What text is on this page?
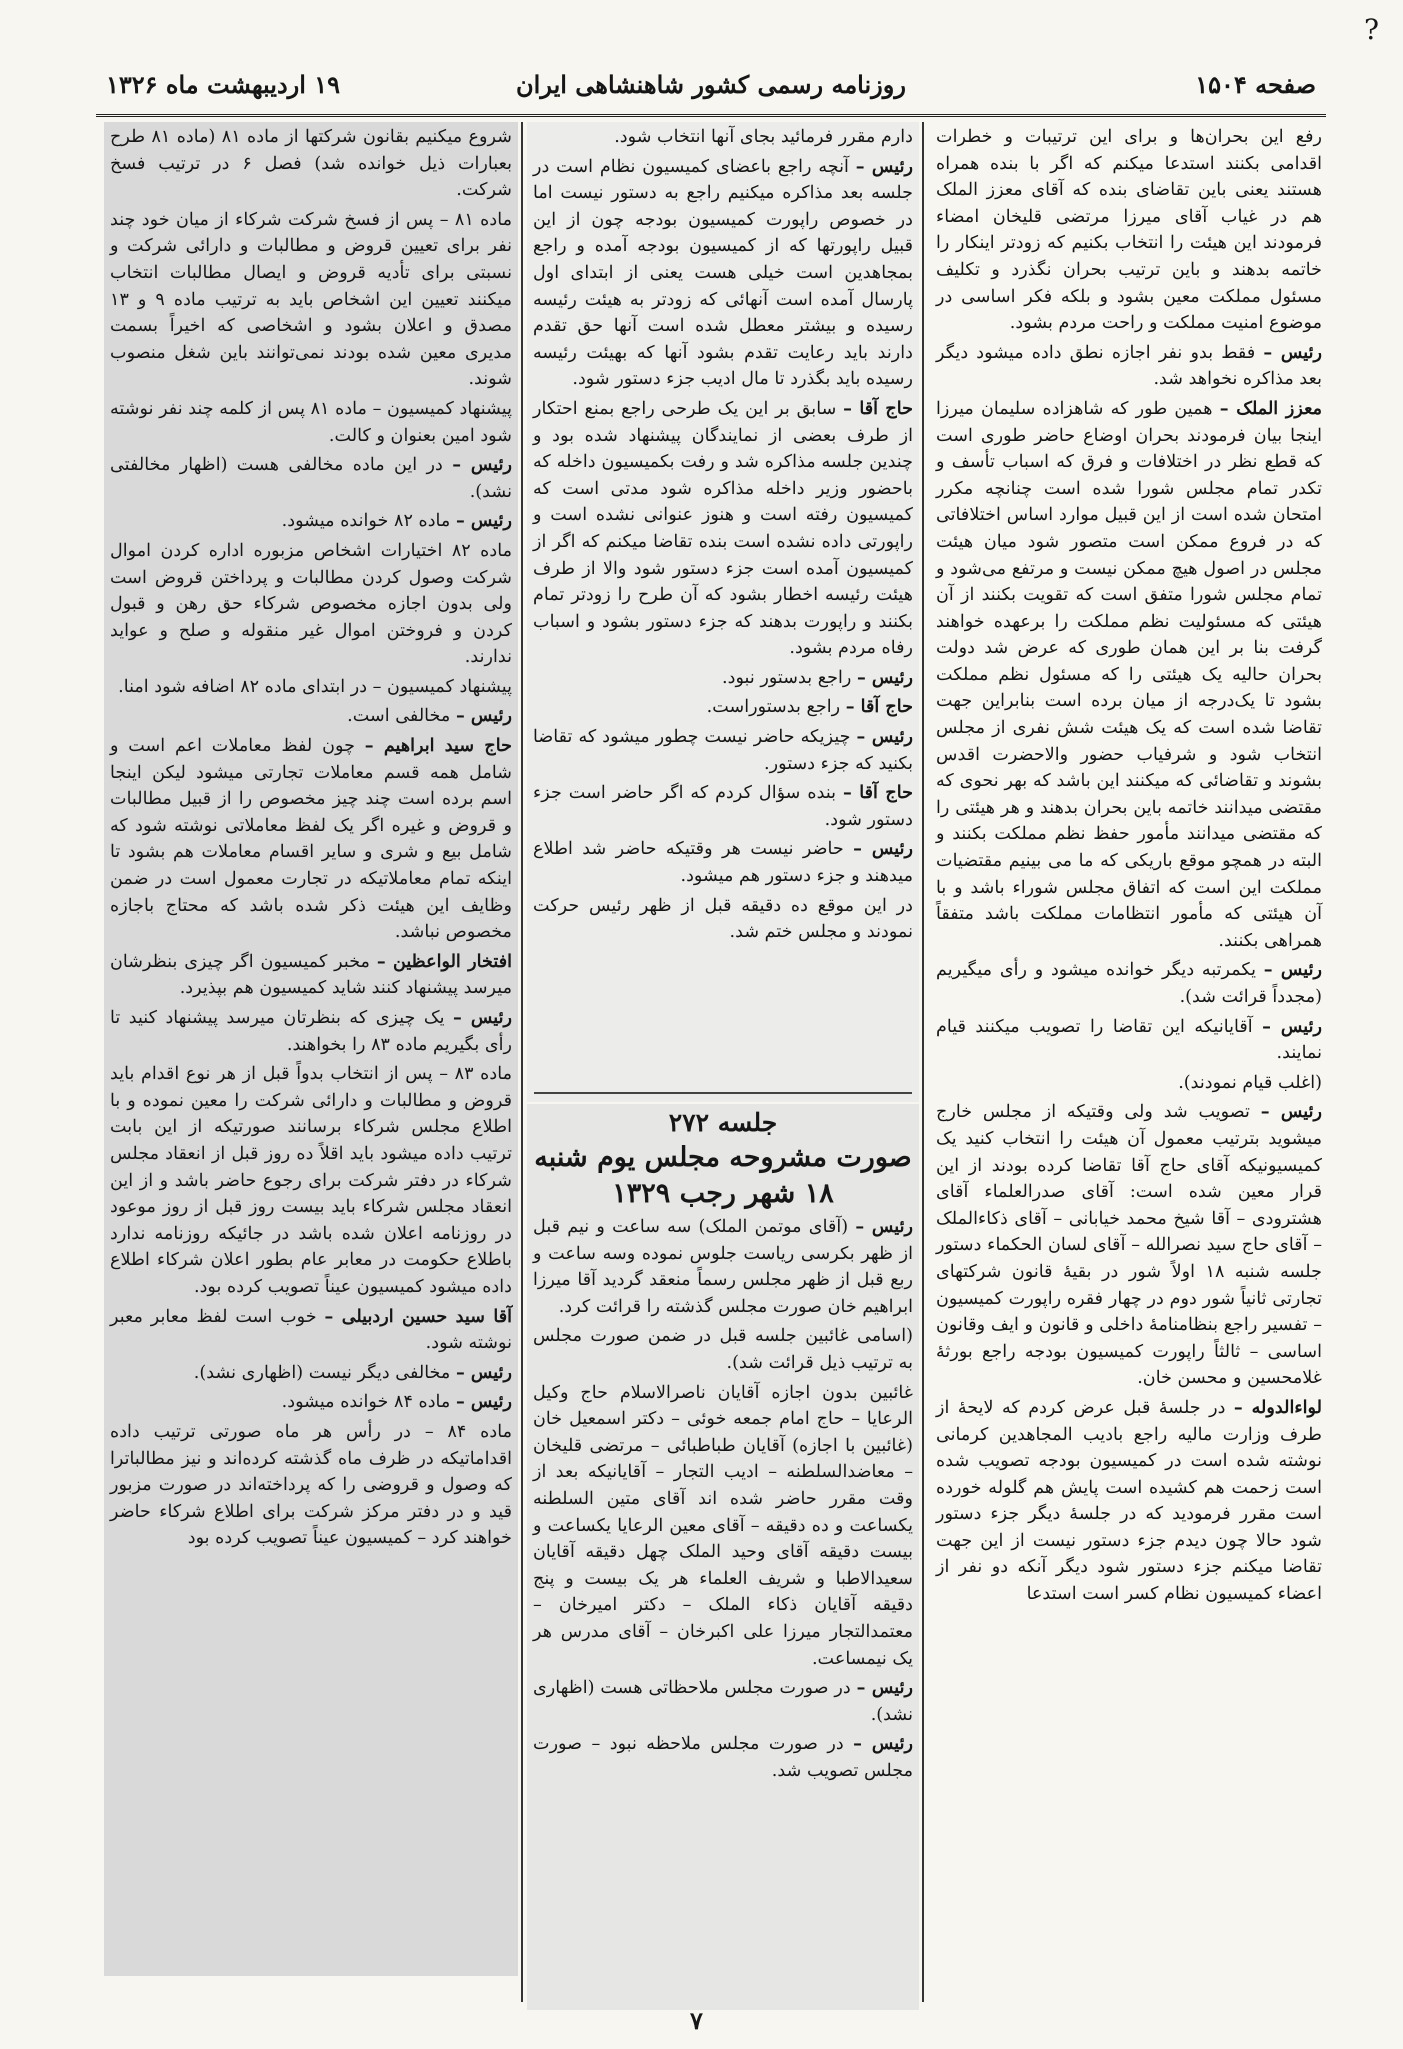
?
صفحه ۱۵۰۴
روزنامه رسمی کشور شاهنشاهی ایران
۱۹ اردیبهشت ماه ۱۳۲۶

رفع این بحران‌ها و برای این ترتیبات و خطرات اقدامی بکنند استدعا میکنم که اگر با بنده همراه هستند یعنی باین تقاضای بنده که آقای معزز الملک هم در غیاب آقای میرزا مرتضی قلیخان امضاء فرمودند این هیئت را انتخاب بکنیم که زودتر اینکار را خاتمه بدهند و باین ترتیب بحران نگذرد و تکلیف مسئول مملکت معین بشود و بلکه فکر اساسی در موضوع امنیت مملکت و راحت مردم بشود.

رئیس – فقط بدو نفر اجازه نطق داده میشود دیگر بعد مذاکره نخواهد شد.

معزز الملک – همین طور که شاهزاده سلیمان میرزا اینجا بیان فرمودند بحران اوضاع حاضر طوری است که قطع نظر در اختلافات و فرق که اسباب تأسف و تکدر تمام مجلس شورا شده است چنانچه مکرر امتحان شده است از این قبیل موارد اساس اختلافاتی که در فروع ممکن است متصور شود میان هیئت مجلس در اصول هیچ ممکن نیست و مرتفع می‌شود و تمام مجلس شورا متفق است که تقویت بکنند از آن هیئتی که مسئولیت نظم مملکت را برعهده خواهند گرفت بنا بر این همان طوری که عرض شد دولت بحران حالیه یک هیئتی را که مسئول نظم مملکت بشود تا یک‌درجه از میان برده است بنابراین جهت تقاضا شده است که یک هیئت شش نفری از مجلس انتخاب شود و شرفیاب حضور والاحضرت اقدس بشوند و تقاضائی که میکنند این باشد که بهر نحوی که مقتضی میدانند خاتمه باین بحران بدهند و هر هیئتی را که مقتضی میدانند مأمور حفظ نظم مملکت بکنند و البته در همچو موقع باریکی که ما می بینیم مقتضیات مملکت این است که اتفاق مجلس شوراء باشد و با آن هیئتی که مأمور انتظامات مملکت باشد متفقاً همراهی بکنند.

رئیس – یکمرتبه دیگر خوانده میشود و رأی میگیریم (مجدداً قرائت شد).

رئیس – آقایانیکه این تقاضا را تصویب میکنند قیام نمایند.

(اغلب قیام نمودند).

رئیس – تصویب شد ولی وقتیکه از مجلس خارج میشوید بترتیب معمول آن هیئت را انتخاب کنید یک کمیسیونیکه آقای حاج آقا تقاضا کرده بودند از این قرار معین شده است: آقای صدرالعلماء آقای هشترودی – آقا شیخ محمد خیابانی – آقای ذکاءالملک – آقای حاج سید نصرالله – آقای لسان الحکماء دستور جلسه شنبه ۱۸ اولاً شور در بقیهٔ قانون شرکتهای تجارتی ثانیاً شور دوم در چهار فقره راپورت کمیسیون – تفسیر راجع بنظامنامهٔ داخلی و قانون و ایف وقانون اساسی – ثالثاً راپورت کمیسیون بودجه راجع بورثهٔ غلامحسین و محسن خان.

لواءالدوله – در جلسهٔ قبل عرض کردم که لایحهٔ از طرف وزارت مالیه راجع بادیب المجاهدین کرمانی نوشته شده است در کمیسیون بودجه تصویب شده است زحمت هم کشیده است پایش هم گلوله خورده است مقرر فرمودید که در جلسهٔ دیگر جزء دستور شود حالا چون دیدم جزء دستور نیست از این جهت تقاضا میکنم جزء دستور شود دیگر آنکه دو نفر از اعضاء کمیسیون نظام کسر است استدعا

دارم مقرر فرمائید بجای آنها انتخاب شود.

رئیس – آنچه راجع باعضای کمیسیون نظام است در جلسه بعد مذاکره میکنیم راجع به دستور نیست اما در خصوص راپورت کمیسیون بودجه چون از این قبیل راپورتها که از کمیسیون بودجه آمده و راجع بمجاهدین است خیلی هست یعنی از ابتدای اول پارسال آمده است آنهائی که زودتر به هیئت رئیسه رسیده و بیشتر معطل شده است آنها حق تقدم دارند باید رعایت تقدم بشود آنها که بهیئت رئیسه رسیده باید بگذرد تا مال ادیب جزء دستور شود.

حاج آقا – سابق بر این یک طرحی راجع بمنع احتکار از طرف بعضی از نمایندگان پیشنهاد شده بود و چندین جلسه مذاکره شد و رفت بکمیسیون داخله که باحضور وزیر داخله مذاکره شود مدتی است که کمیسیون رفته است و هنوز عنوانی نشده است و راپورتی داده نشده است بنده تقاضا میکنم که اگر از کمیسیون آمده است جزء دستور شود والا از طرف هیئت رئیسه اخطار بشود که آن طرح را زودتر تمام بکنند و راپورت بدهند که جزء دستور بشود و اسباب رفاه مردم بشود.

رئیس – راجع بدستور نبود.

حاج آقا – راجع بدستوراست.

رئیس – چیزیکه حاضر نیست چطور میشود که تقاضا بکنید که جزء دستور.

حاج آقا – بنده سؤال کردم که اگر حاضر است جزء دستور شود.

رئیس – حاضر نیست هر وقتیکه حاضر شد اطلاع میدهند و جزء دستور هم میشود.

در این موقع ده دقیقه قبل از ظهر رئیس حرکت نمودند و مجلس ختم شد.

رئیس – (آقای موتمن الملک) سه ساعت و نیم قبل از ظهر بکرسی ریاست جلوس نموده وسه ساعت و ربع قبل از ظهر مجلس رسماً منعقد گردید آقا میرزا ابراهیم خان صورت مجلس گذشته را قرائت کرد.

(اسامی غائبین جلسه قبل در ضمن صورت مجلس به ترتیب ذیل قرائت شد).

غائبین بدون اجازه آقایان ناصرالاسلام حاج وکیل الرعایا – حاج امام جمعه خوئی – دکتر اسمعیل خان (غائبین با اجازه) آقایان طباطبائی – مرتضی قلیخان – معاضدالسلطنه – ادیب التجار – آقایانیکه بعد از وقت مقرر حاضر شده اند آقای متین السلطنه یکساعت و ده دقیقه – آقای معین الرعایا یکساعت و بیست دقیقه آقای وحید الملک چهل دقیقه آقایان سعیدالاطبا و شریف العلماء هر یک بیست و پنج دقیقه آقایان ذکاء الملک – دکتر امیرخان – معتمدالتجار میرزا علی اکبرخان – آقای مدرس هر یک نیمساعت.

رئیس – در صورت مجلس ملاحظاتی هست (اظهاری نشد).

رئیس – در صورت مجلس ملاحظه نبود – صورت مجلس تصویب شد.

جلسه ۲۷۲
صورت مشروحه مجلس یوم شنبه
۱۸ شهر رجب ۱۳۲۹

شروع میکنیم بقانون شرکتها از ماده ۸۱ (ماده ۸۱ طرح بعبارات ذیل خوانده شد) فصل ۶ در ترتیب فسخ شرکت.

ماده ۸۱ – پس از فسخ شرکت شرکاء از میان خود چند نفر برای تعیین قروض و مطالبات و دارائی شرکت و نسبتی برای تأدیه قروض و ایصال مطالبات انتخاب میکنند تعیین این اشخاص باید به ترتیب ماده ۹ و ۱۳ مصدق و اعلان بشود و اشخاصی که اخیراً بسمت مدیری معین شده بودند نمی‌توانند باین شغل منصوب شوند.

پیشنهاد کمیسیون – ماده ۸۱ پس از کلمه چند نفر نوشته شود امین بعنوان و کالت.

رئیس – در این ماده مخالفی هست (اظهار مخالفتی نشد).

رئیس – ماده ۸۲ خوانده میشود.

ماده ۸۲ اختیارات اشخاص مزبوره اداره کردن اموال شرکت وصول کردن مطالبات و پرداختن قروض است ولی بدون اجازه مخصوص شرکاء حق رهن و قبول کردن و فروختن اموال غیر منقوله و صلح و عواید ندارند.

پیشنهاد کمیسیون – در ابتدای ماده ۸۲ اضافه شود امنا.

رئیس – مخالفی است.

حاج سید ابراهیم – چون لفظ معاملات اعم است و شامل همه قسم معاملات تجارتی میشود لیکن اینجا اسم برده است چند چیز مخصوص را از قبیل مطالبات و قروض و غیره اگر یک لفظ معاملاتی نوشته شود که شامل بیع و شری و سایر اقسام معاملات هم بشود تا اینکه تمام معاملاتیکه در تجارت معمول است در ضمن وظایف این هیئت ذکر شده باشد که محتاج باجازه مخصوص نباشد.

افتخار الواعظین – مخبر کمیسیون اگر چیزی بنظرشان میرسد پیشنهاد کنند شاید کمیسیون هم بپذیرد.

رئیس – یک چیزی که بنظرتان میرسد پیشنهاد کنید تا رأی بگیریم ماده ۸۳ را بخواهند.

ماده ۸۳ – پس از انتخاب بدواً قبل از هر نوع اقدام باید قروض و مطالبات و دارائی شرکت را معین نموده و با اطلاع مجلس شرکاء برسانند صورتیکه از این بابت ترتیب داده میشود باید اقلاً ده روز قبل از انعقاد مجلس شرکاء در دفتر شرکت برای رجوع حاضر باشد و از این انعقاد مجلس شرکاء باید بیست روز قبل از روز موعود در روزنامه اعلان شده باشد در جائیکه روزنامه ندارد باطلاع حکومت در معابر عام بطور اعلان شرکاء اطلاع داده میشود کمیسیون عیناً تصویب کرده بود.

آقا سید حسین اردبیلی – خوب است لفظ معابر معبر نوشته شود.

رئیس – مخالفی دیگر نیست (اظهاری نشد).

رئیس – ماده ۸۴ خوانده میشود.

ماده ۸۴ – در رأس هر ماه صورتی ترتیب داده اقداماتیکه در ظرف ماه گذشته کرده‌اند و نیز مطالباترا که وصول و قروضی را که پرداخته‌اند در صورت مزبور قید و در دفتر مرکز شرکت برای اطلاع شرکاء حاضر خواهند کرد – کمیسیون عیناً تصویب کرده بود

۷
